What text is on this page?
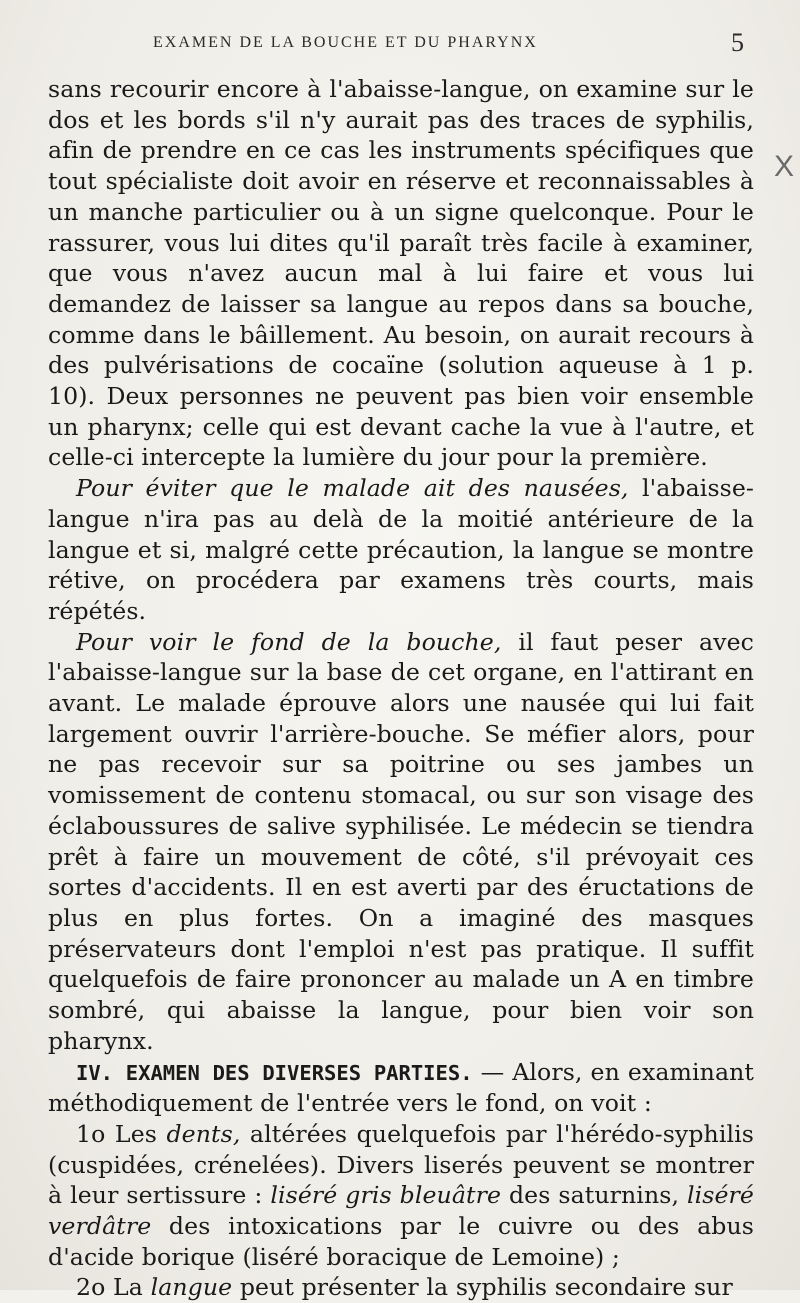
EXAMEN DE LA BOUCHE ET DU PHARYNX	5
X

sans recourir encore à l'abaisse-langue, on examine sur le dos et les bords s'il n'y aurait pas des traces de syphilis, afin de prendre en ce cas les instruments spécifiques que tout spécialiste doit avoir en réserve et reconnaissables à un manche particulier ou à un signe quelconque. Pour le rassurer, vous lui dites qu'il paraît très facile à examiner, que vous n'avez aucun mal à lui faire et vous lui demandez de laisser sa langue au repos dans sa bouche, comme dans le bâillement. Au besoin, on aurait recours à des pulvérisations de cocaïne (solution aqueuse à 1 p. 10). Deux personnes ne peuvent pas bien voir ensemble un pharynx; celle qui est devant cache la vue à l'autre, et celle-ci intercepte la lumière du jour pour la première.

Pour éviter que le malade ait des nausées, l'abaisse-langue n'ira pas au delà de la moitié antérieure de la langue et si, malgré cette précaution, la langue se montre rétive, on procédera par examens très courts, mais répétés.

Pour voir le fond de la bouche, il faut peser avec l'abaisse-langue sur la base de cet organe, en l'attirant en avant. Le malade éprouve alors une nausée qui lui fait largement ouvrir l'arrière-bouche. Se méfier alors, pour ne pas recevoir sur sa poitrine ou ses jambes un vomissement de contenu stomacal, ou sur son visage des éclaboussures de salive syphilisée. Le médecin se tiendra prêt à faire un mouvement de côté, s'il prévoyait ces sortes d'accidents. Il en est averti par des éructations de plus en plus fortes. On a imaginé des masques préservateurs dont l'emploi n'est pas pratique. Il suffit quelquefois de faire prononcer au malade un A en timbre sombré, qui abaisse la langue, pour bien voir son pharynx.

IV. EXAMEN DES DIVERSES PARTIES. — Alors, en examinant méthodiquement de l'entrée vers le fond, on voit :

1o Les dents, altérées quelquefois par l'hérédo-syphilis (cuspidées, crénelées). Divers liserés peuvent se montrer à leur sertissure : liséré gris bleuâtre des saturnins, liséré verdâtre des intoxications par le cuivre ou des abus d'acide borique (liséré boracique de Lemoine) ;

2o La langue peut présenter la syphilis secondaire sur
